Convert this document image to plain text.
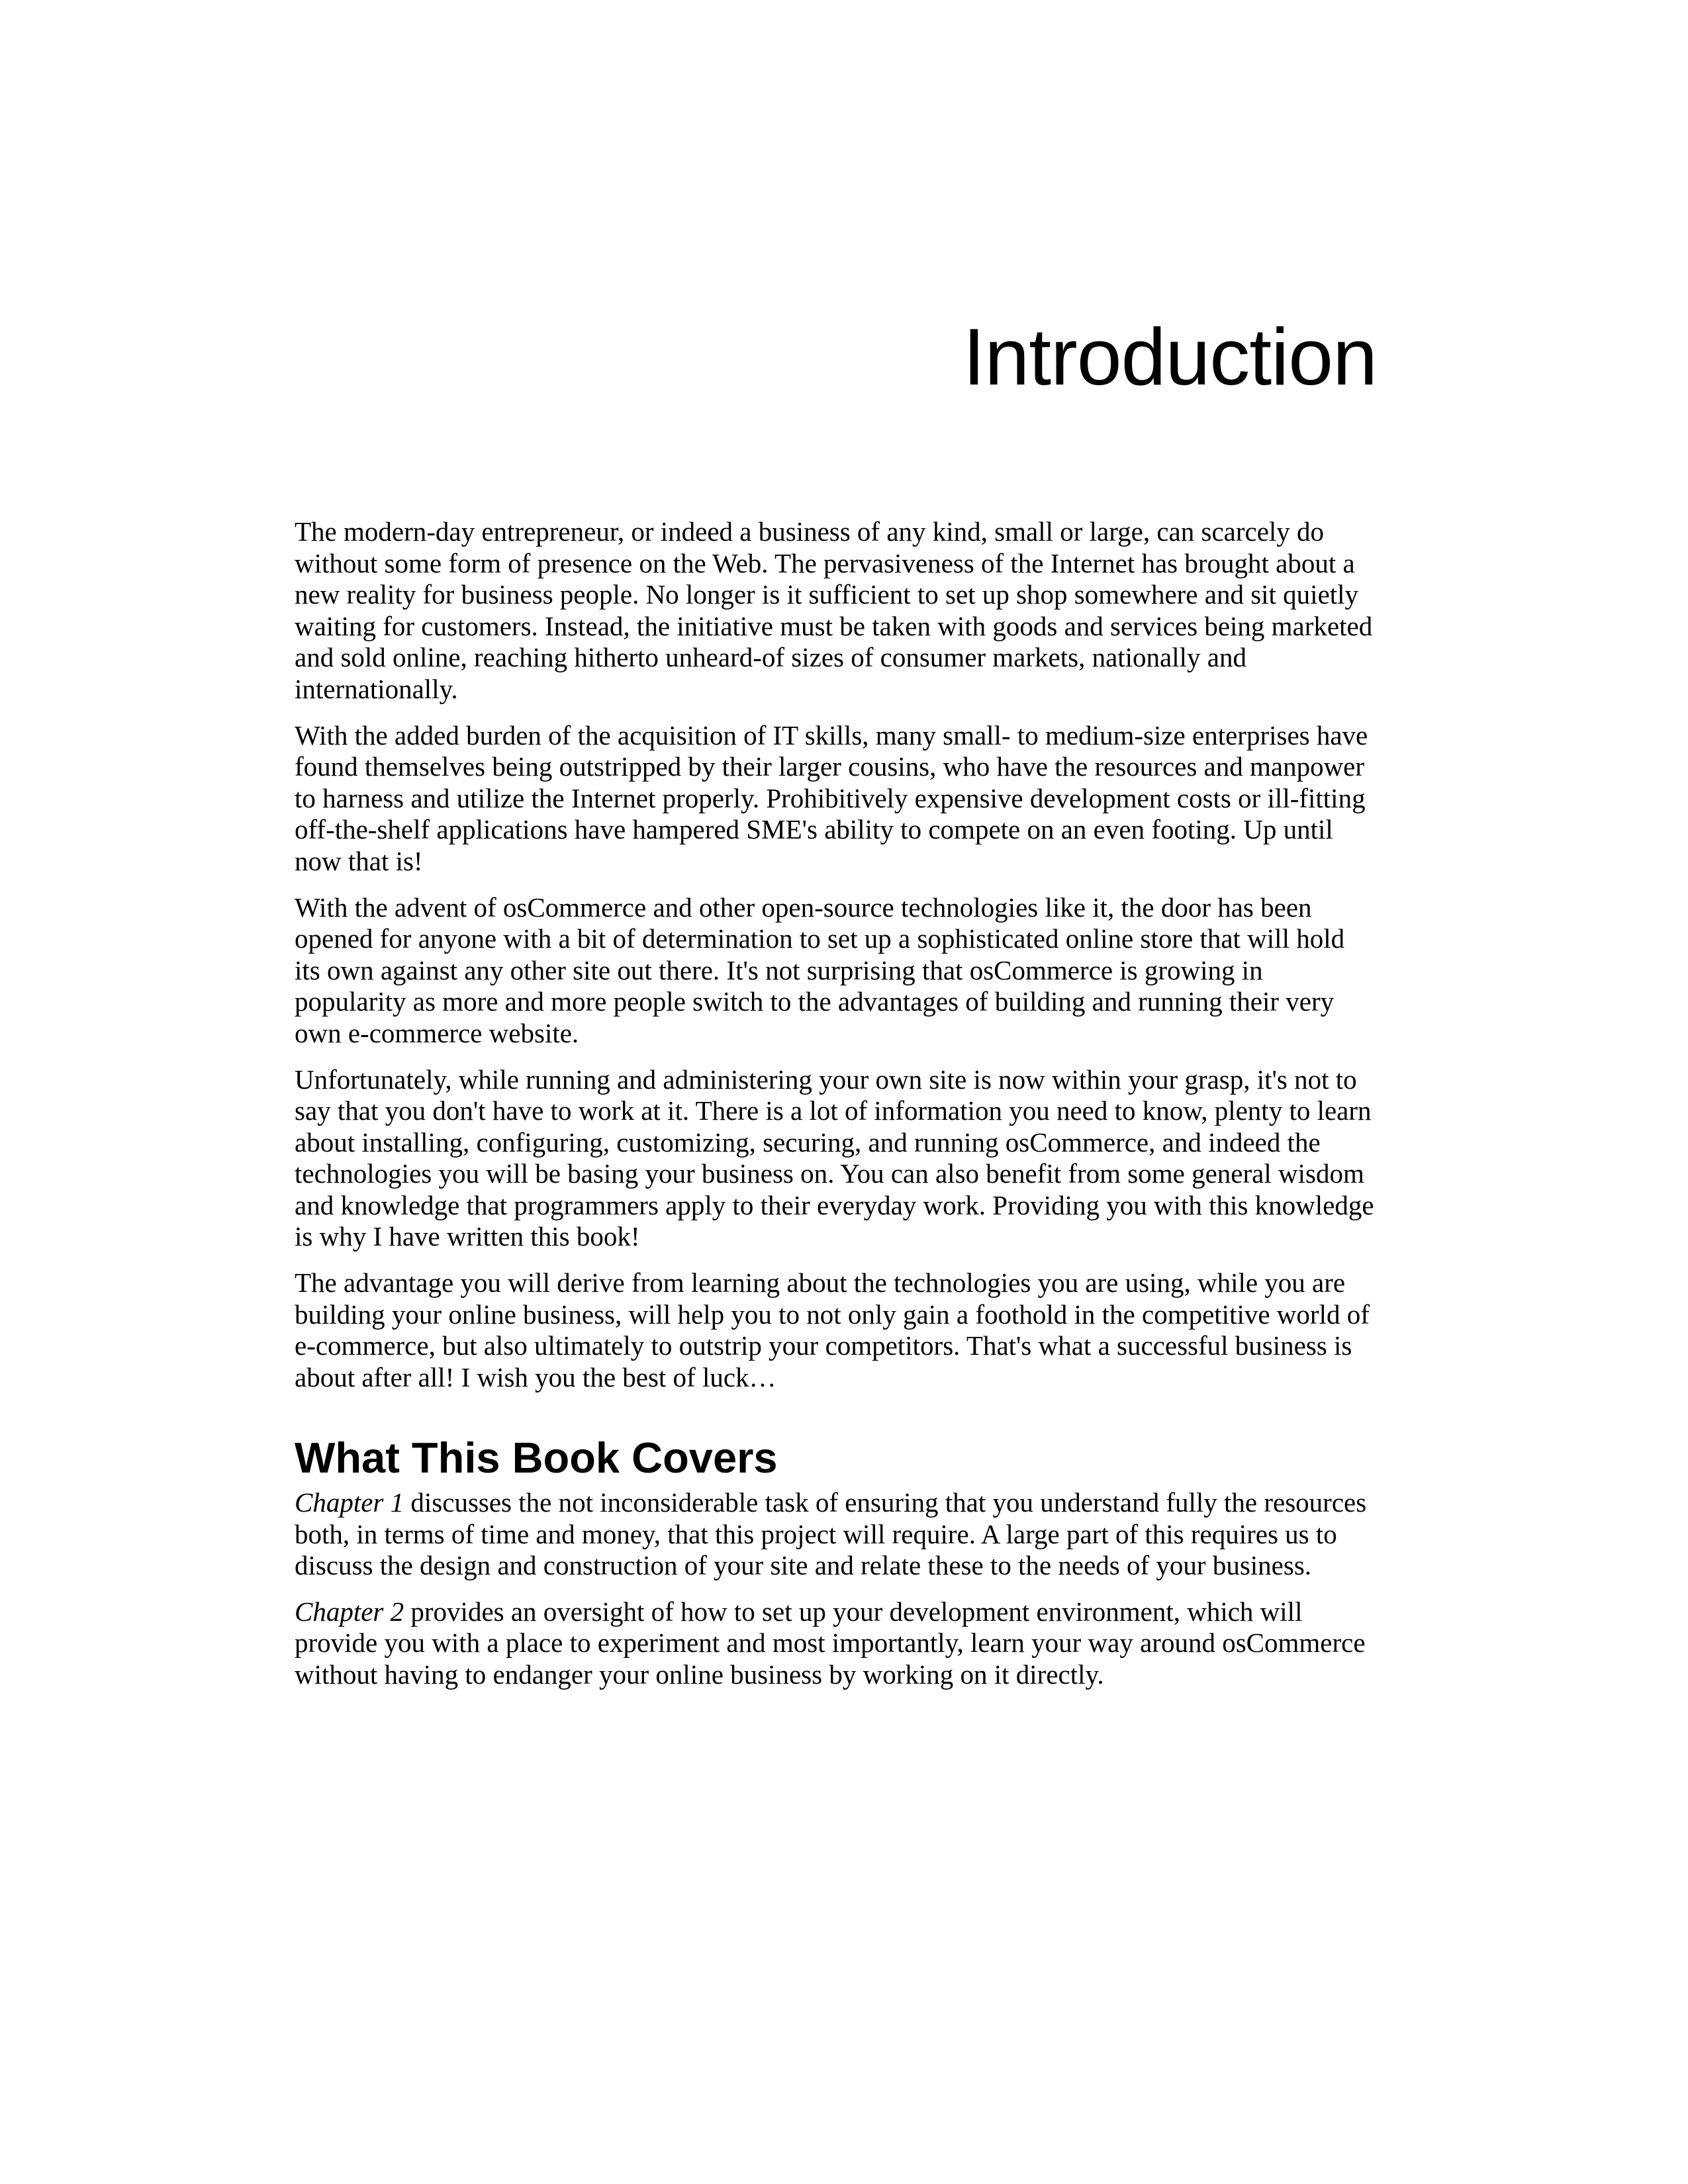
Introduction

The modern-day entrepreneur, or indeed a business of any kind, small or large, can scarcely do without some form of presence on the Web. The pervasiveness of the Internet has brought about a new reality for business people. No longer is it sufficient to set up shop somewhere and sit quietly waiting for customers. Instead, the initiative must be taken with goods and services being marketed and sold online, reaching hitherto unheard-of sizes of consumer markets, nationally and internationally.

With the added burden of the acquisition of IT skills, many small- to medium-size enterprises have found themselves being outstripped by their larger cousins, who have the resources and manpower to harness and utilize the Internet properly. Prohibitively expensive development costs or ill-fitting off-the-shelf applications have hampered SME's ability to compete on an even footing. Up until now that is!

With the advent of osCommerce and other open-source technologies like it, the door has been opened for anyone with a bit of determination to set up a sophisticated online store that will hold its own against any other site out there. It's not surprising that osCommerce is growing in popularity as more and more people switch to the advantages of building and running their very own e-commerce website.

Unfortunately, while running and administering your own site is now within your grasp, it's not to say that you don't have to work at it. There is a lot of information you need to know, plenty to learn about installing, configuring, customizing, securing, and running osCommerce, and indeed the technologies you will be basing your business on. You can also benefit from some general wisdom and knowledge that programmers apply to their everyday work. Providing you with this knowledge is why I have written this book!

The advantage you will derive from learning about the technologies you are using, while you are building your online business, will help you to not only gain a foothold in the competitive world of e-commerce, but also ultimately to outstrip your competitors. That's what a successful business is about after all! I wish you the best of luck…

What This Book Covers

Chapter 1 discusses the not inconsiderable task of ensuring that you understand fully the resources both, in terms of time and money, that this project will require. A large part of this requires us to discuss the design and construction of your site and relate these to the needs of your business.

Chapter 2 provides an oversight of how to set up your development environment, which will provide you with a place to experiment and most importantly, learn your way around osCommerce without having to endanger your online business by working on it directly.
